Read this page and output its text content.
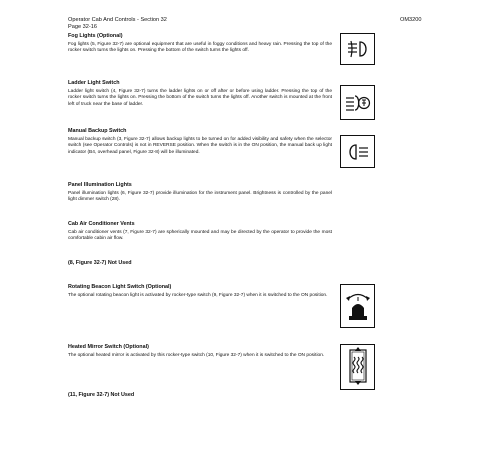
Operator Cab And Controls - Section 32
Page 32-16
OM3200
Fog Lights (Optional)

Fog lights (5, Figure 32-7) are optional equipment that are useful in foggy conditions and heavy rain. Pressing the top of the rocker switch turns the lights on. Pressing the bottom of the switch turns the lights off.

Ladder Light Switch

Ladder light switch (4, Figure 32-7) turns the ladder lights on or off after or before using ladder. Pressing the top of the rocker switch turns the lights on. Pressing the bottom of the switch turns the lights off. Another switch is mounted at the front left of truck near the base of ladder.

Manual Backup Switch

Manual backup switch (3, Figure 32-7) allows backup lights to be turned on for added visibility and safety when the selector switch (see Operator Controls) is not in REVERSE position. When the switch is in the ON position, the manual back up light indicator (B4, overhead panel, Figure 32-8) will be illuminated.

Panel Illumination Lights

Panel illumination lights (6, Figure 32-7) provide illumination for the instrument panel. Brightness is controlled by the panel light dimmer switch (28).

Cab Air Conditioner Vents

Cab air conditioner vents (7, Figure 32-7) are spherically mounted and may be directed by the operator to provide the most comfortable cabin air flow.

(8, Figure 32-7) Not Used
Rotating Beacon Light Switch (Optional)

The optional rotating beacon light is activated by rocker-type switch (9, Figure 32-7) when it is switched to the ON position.

Heated Mirror Switch (Optional)

The optional heated mirror is activated by this rocker-type switch (10, Figure 32-7) when it is switched to the ON position.

(11, Figure 32-7) Not Used
